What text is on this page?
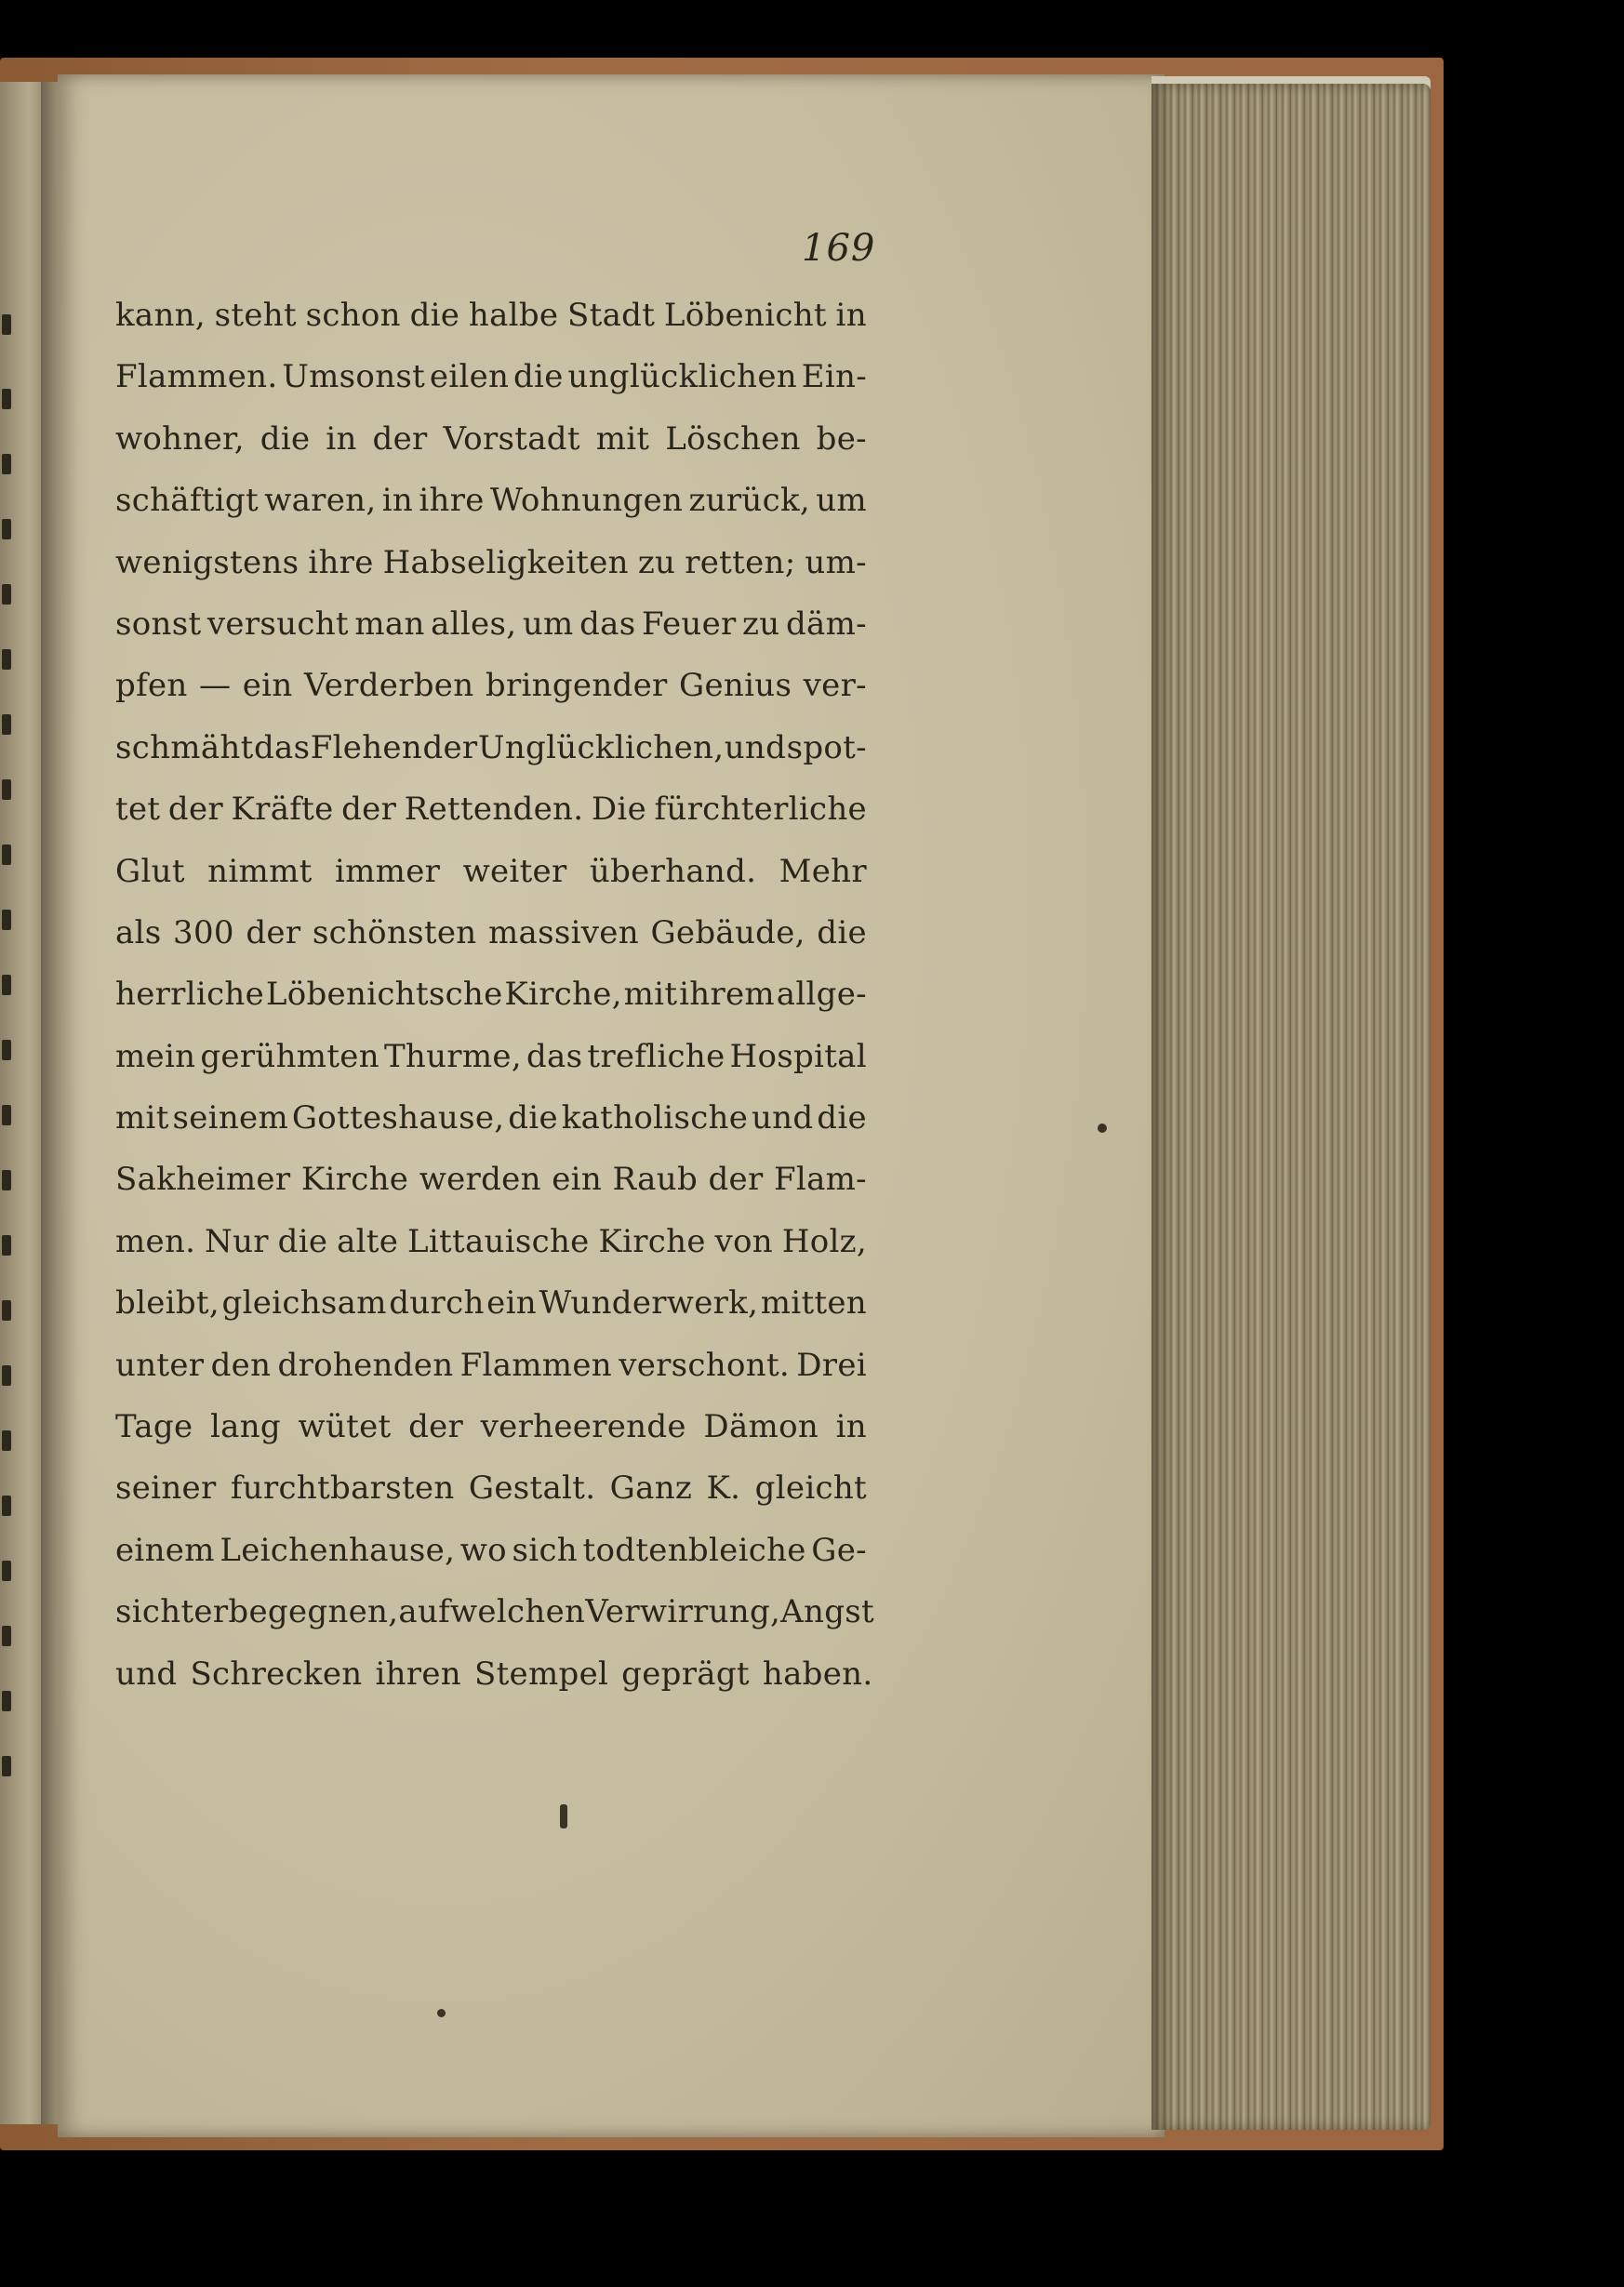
169
kann, steht schon die halbe Stadt Löbenicht in
Flammen. Umsonst eilen die unglücklichen Ein-
wohner, die in der Vorstadt mit Löschen be-
schäftigt waren, in ihre Wohnungen zurück, um
wenigstens ihre Habseligkeiten zu retten; um-
sonst versucht man alles, um das Feuer zu däm-
pfen — ein Verderben bringender Genius ver-
schmäht das Flehen der Unglücklichen, und spot-
tet der Kräfte der Rettenden. Die fürchterliche
Glut nimmt immer weiter überhand. Mehr
als 300 der schönsten massiven Gebäude, die
herrliche Löbenichtsche Kirche, mit ihrem allge-
mein gerühmten Thurme, das trefliche Hospital
mit seinem Gotteshause, die katholische und die
Sakheimer Kirche werden ein Raub der Flam-
men. Nur die alte Littauische Kirche von Holz,
bleibt, gleichsam durch ein Wunderwerk, mitten
unter den drohenden Flammen verschont. Drei
Tage lang wütet der verheerende Dämon in
seiner furchtbarsten Gestalt. Ganz K. gleicht
einem Leichenhause, wo sich todtenbleiche Ge-
sichter begegnen, auf welchen Verwirrung, Angst
und Schrecken ihren Stempel geprägt haben.
